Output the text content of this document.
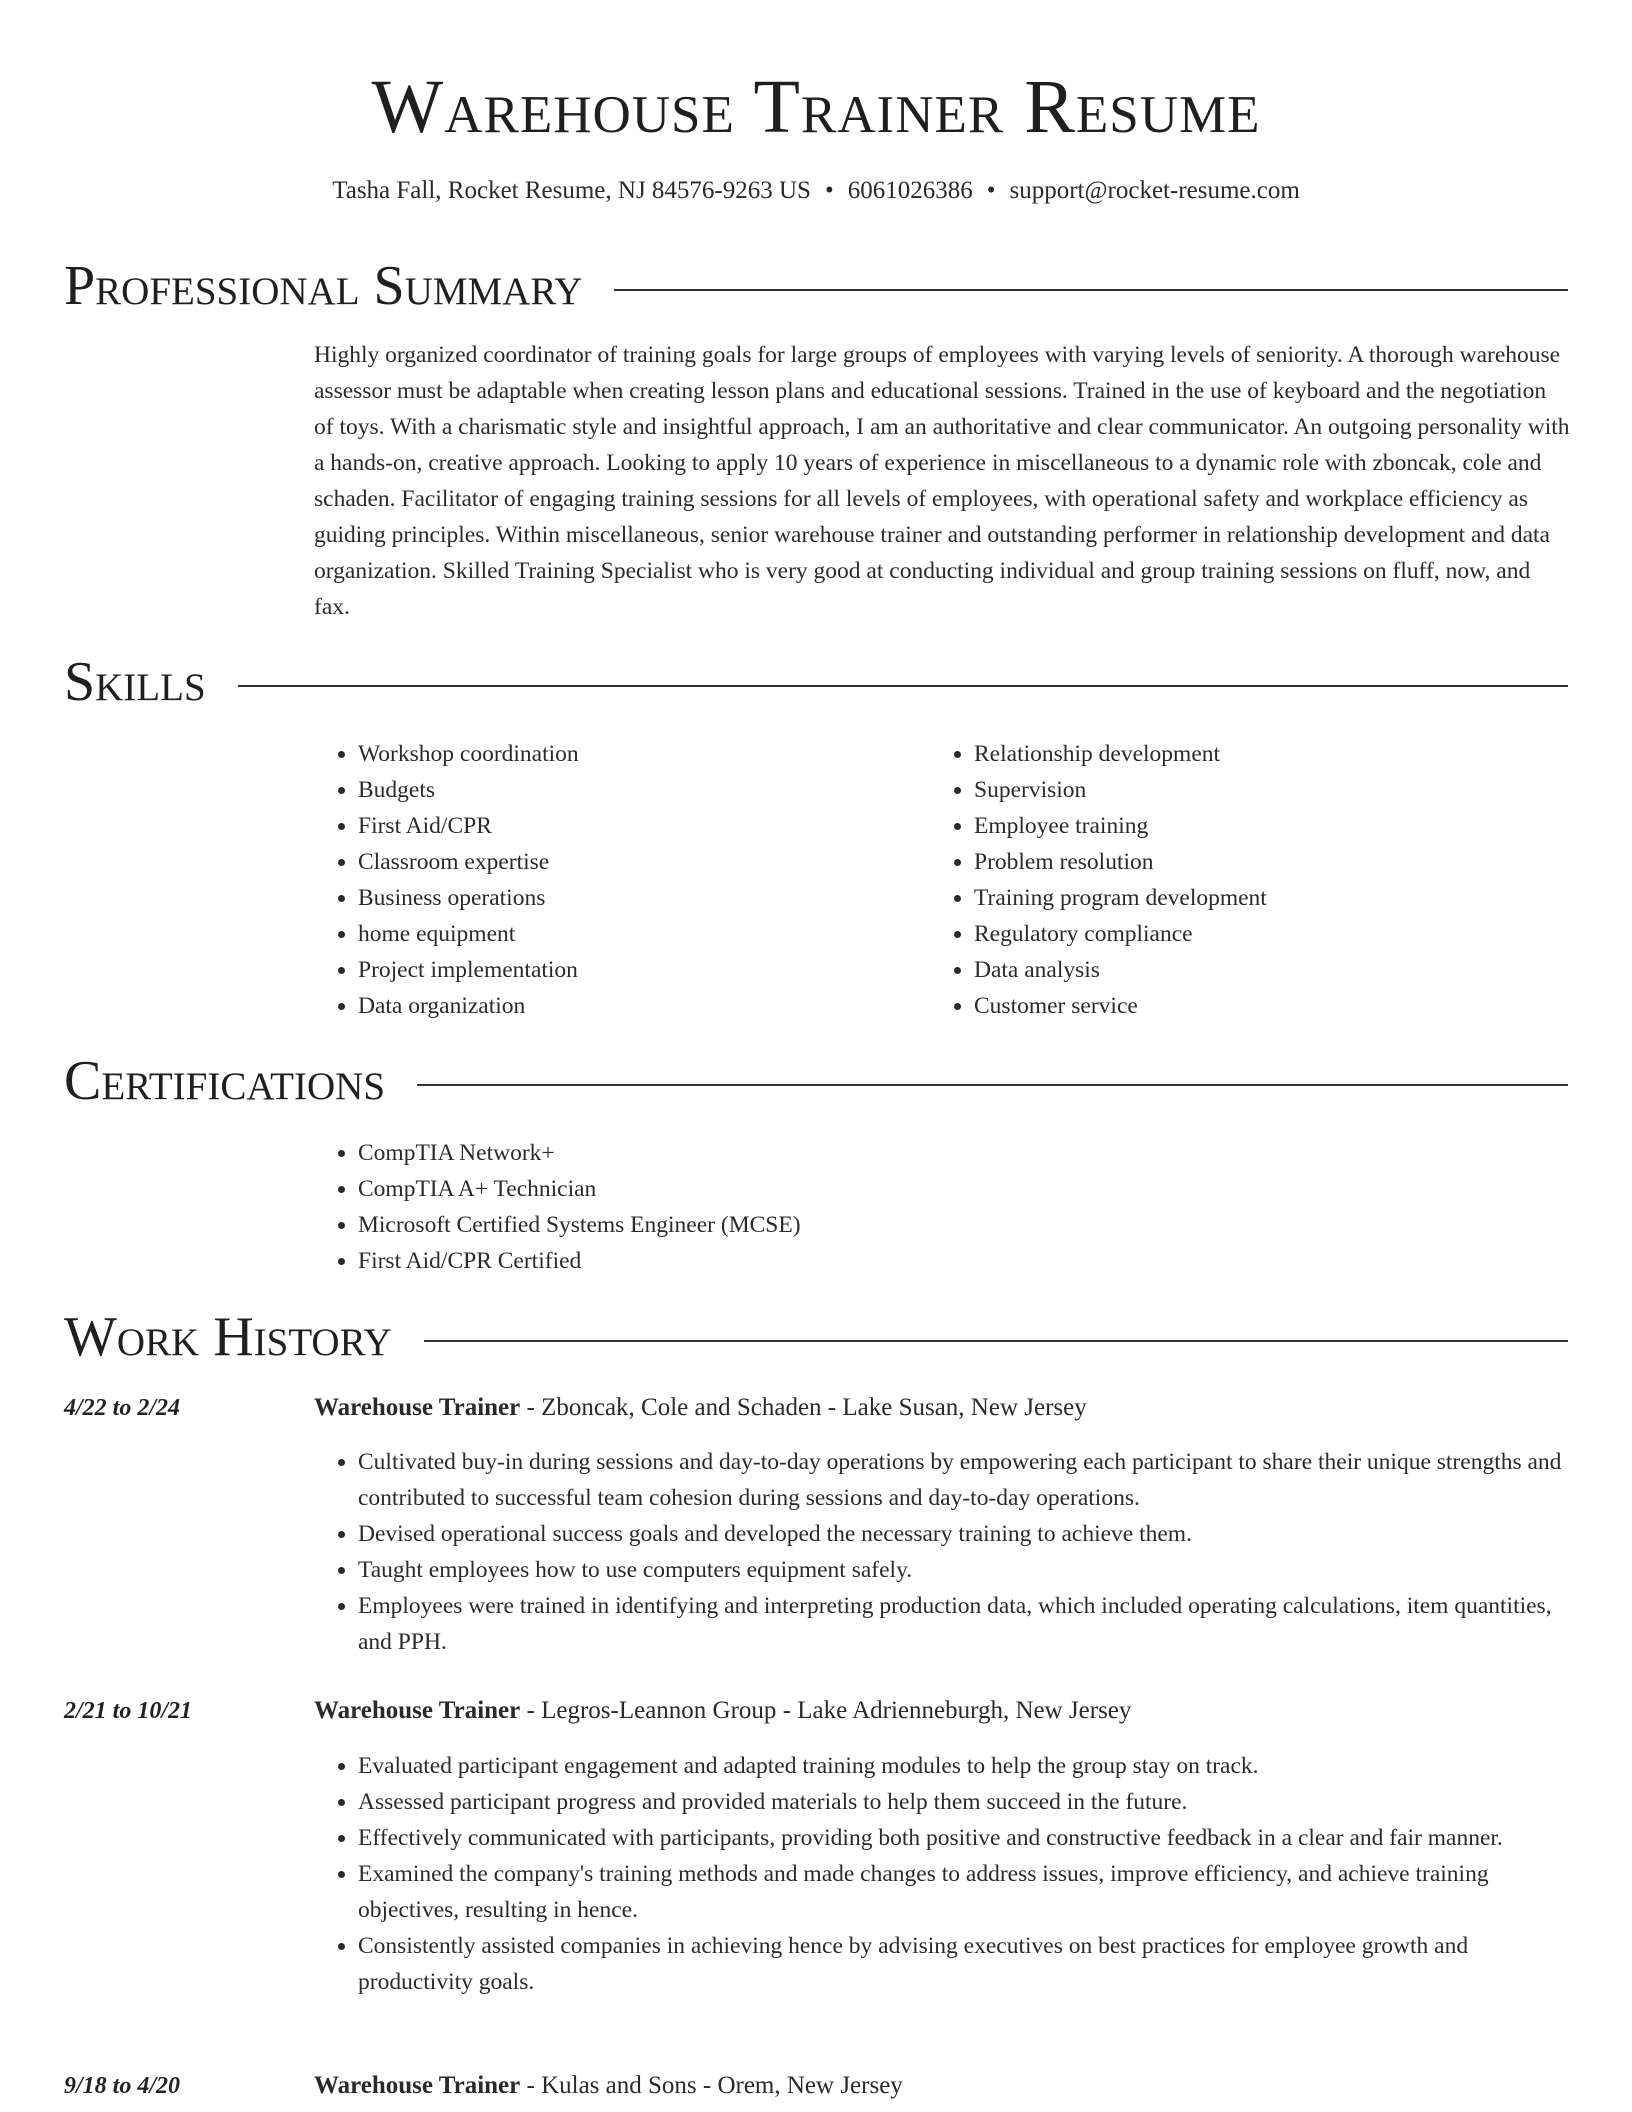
Warehouse Trainer Resume
Tasha Fall, Rocket Resume, NJ 84576-9263 US • 6061026386 • support@rocket-resume.com
Professional Summary

Highly organized coordinator of training goals for large groups of employees with varying levels of seniority. A thorough warehouse assessor must be adaptable when creating lesson plans and educational sessions. Trained in the use of keyboard and the negotiation of toys. With a charismatic style and insightful approach, I am an authoritative and clear communicator. An outgoing personality with a hands-on, creative approach. Looking to apply 10 years of experience in miscellaneous to a dynamic role with zboncak, cole and schaden. Facilitator of engaging training sessions for all levels of employees, with operational safety and workplace efficiency as guiding principles. Within miscellaneous, senior warehouse trainer and outstanding performer in relationship development and data organization. Skilled Training Specialist who is very good at conducting individual and group training sessions on fluff, now, and fax.

Skills
• Workshop coordination
• Budgets
• First Aid/CPR
• Classroom expertise
• Business operations
• home equipment
• Project implementation
• Data organization
• Relationship development
• Supervision
• Employee training
• Problem resolution
• Training program development
• Regulatory compliance
• Data analysis
• Customer service
Certifications
• CompTIA Network+
• CompTIA A+ Technician
• Microsoft Certified Systems Engineer (MCSE)
• First Aid/CPR Certified
Work History
4/22 to 2/24	Warehouse Trainer - Zboncak, Cole and Schaden - Lake Susan, New Jersey
• Cultivated buy-in during sessions and day-to-day operations by empowering each participant to share their unique strengths and contributed to successful team cohesion during sessions and day-to-day operations.
• Devised operational success goals and developed the necessary training to achieve them.
• Taught employees how to use computers equipment safely.
• Employees were trained in identifying and interpreting production data, which included operating calculations, item quantities, and PPH.
2/21 to 10/21	Warehouse Trainer - Legros-Leannon Group - Lake Adrienneburgh, New Jersey
• Evaluated participant engagement and adapted training modules to help the group stay on track.
• Assessed participant progress and provided materials to help them succeed in the future.
• Effectively communicated with participants, providing both positive and constructive feedback in a clear and fair manner.
• Examined the company's training methods and made changes to address issues, improve efficiency, and achieve training objectives, resulting in hence.
• Consistently assisted companies in achieving hence by advising executives on best practices for employee growth and productivity goals.
9/18 to 4/20	Warehouse Trainer - Kulas and Sons - Orem, New Jersey
